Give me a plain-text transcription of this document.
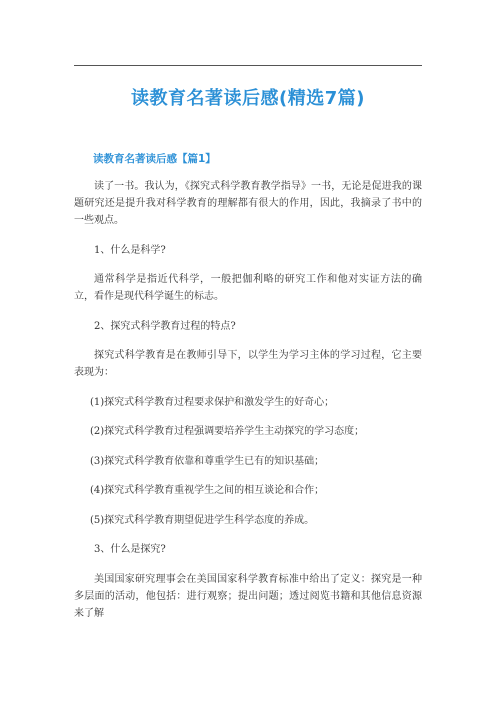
读教育名著读后感(精选7篇)
读教育名著读后感【篇1】

读了一书。我认为，《探究式科学教育教学指导》一书，无论是促进我的课题研究还是提升我对科学教育的理解都有很大的作用，因此，我摘录了书中的一些观点。

1、什么是科学?

通常科学是指近代科学，一般把伽利略的研究工作和他对实证方法的确立，看作是现代科学诞生的标志。

2、探究式科学教育过程的特点?

探究式科学教育是在教师引导下，以学生为学习主体的学习过程，它主要表现为：

(1)探究式科学教育过程要求保护和激发学生的好奇心；

(2)探究式科学教育过程强调要培养学生主动探究的学习态度；

(3)探究式科学教育依靠和尊重学生已有的知识基础；

(4)探究式科学教育重视学生之间的相互谈论和合作；

(5)探究式科学教育期望促进学生科学态度的养成。

3、什么是探究?

美国国家研究理事会在美国国家科学教育标准中给出了定义：探究是一种多层面的活动，他包括：进行观察；提出问题；透过阅览书籍和其他信息资源来了解
